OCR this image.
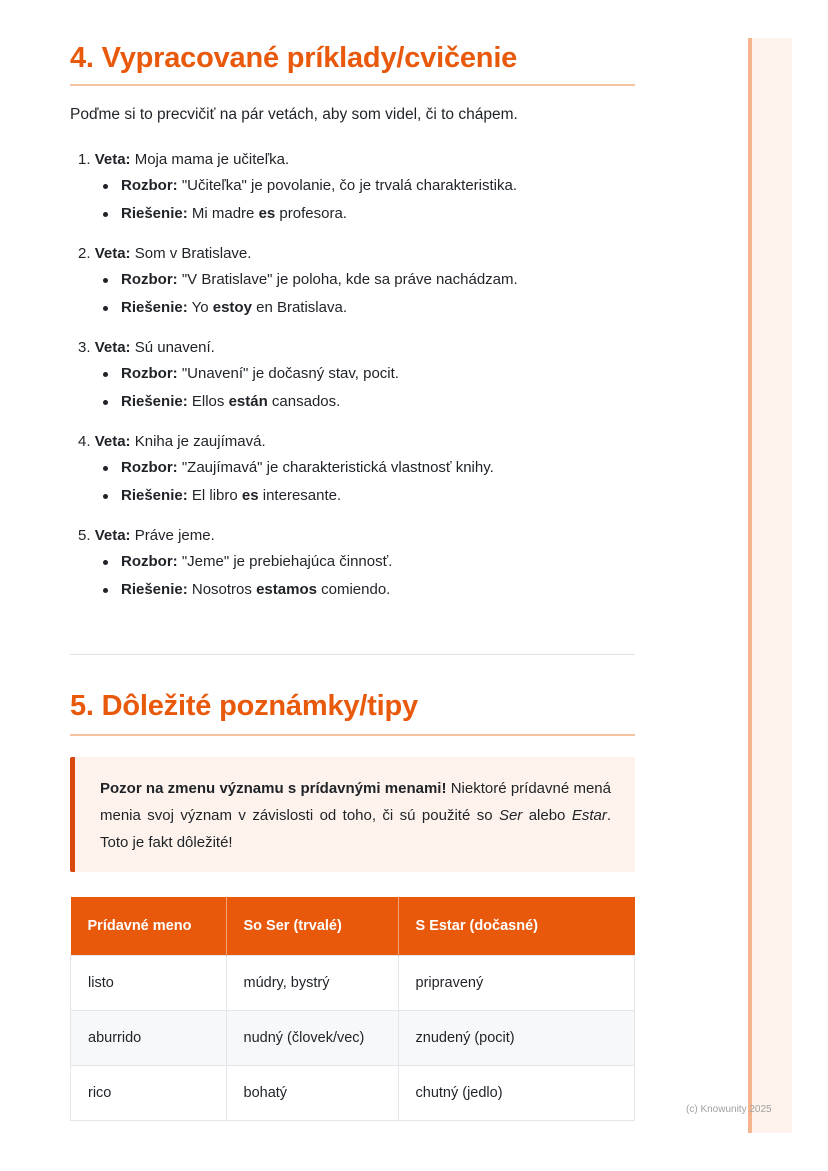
4. Vypracované príklady/cvičenie
Poďme si to precvičiť na pár vetách, aby som videl, či to chápem.
1. Veta: Moja mama je učiteľka.
Rozbor: "Učiteľka" je povolanie, čo je trvalá charakteristika.
Riešenie: Mi madre es profesora.
2. Veta: Som v Bratislave.
Rozbor: "V Bratislave" je poloha, kde sa práve nachádzam.
Riešenie: Yo estoy en Bratislava.
3. Veta: Sú unavení.
Rozbor: "Unavení" je dočasný stav, pocit.
Riešenie: Ellos están cansados.
4. Veta: Kniha je zaujímavá.
Rozbor: "Zaujímavá" je charakteristická vlastnosť knihy.
Riešenie: El libro es interesante.
5. Veta: Práve jeme.
Rozbor: "Jeme" je prebiehajúca činnosť.
Riešenie: Nosotros estamos comiendo.
5. Dôležité poznámky/tipy
Pozor na zmenu významu s prídavnými menami! Niektoré prídavné mená menia svoj význam v závislosti od toho, či sú použité so Ser alebo Estar. Toto je fakt dôležité!
Prídavné meno	So Ser (trvalé)	S Estar (dočasné)
listo	múdry, bystrý	pripravený
aburrido	nudný (človek/vec)	znudený (pocit)
rico	bohatý	chutný (jedlo)
(c) Knowunity 2025
